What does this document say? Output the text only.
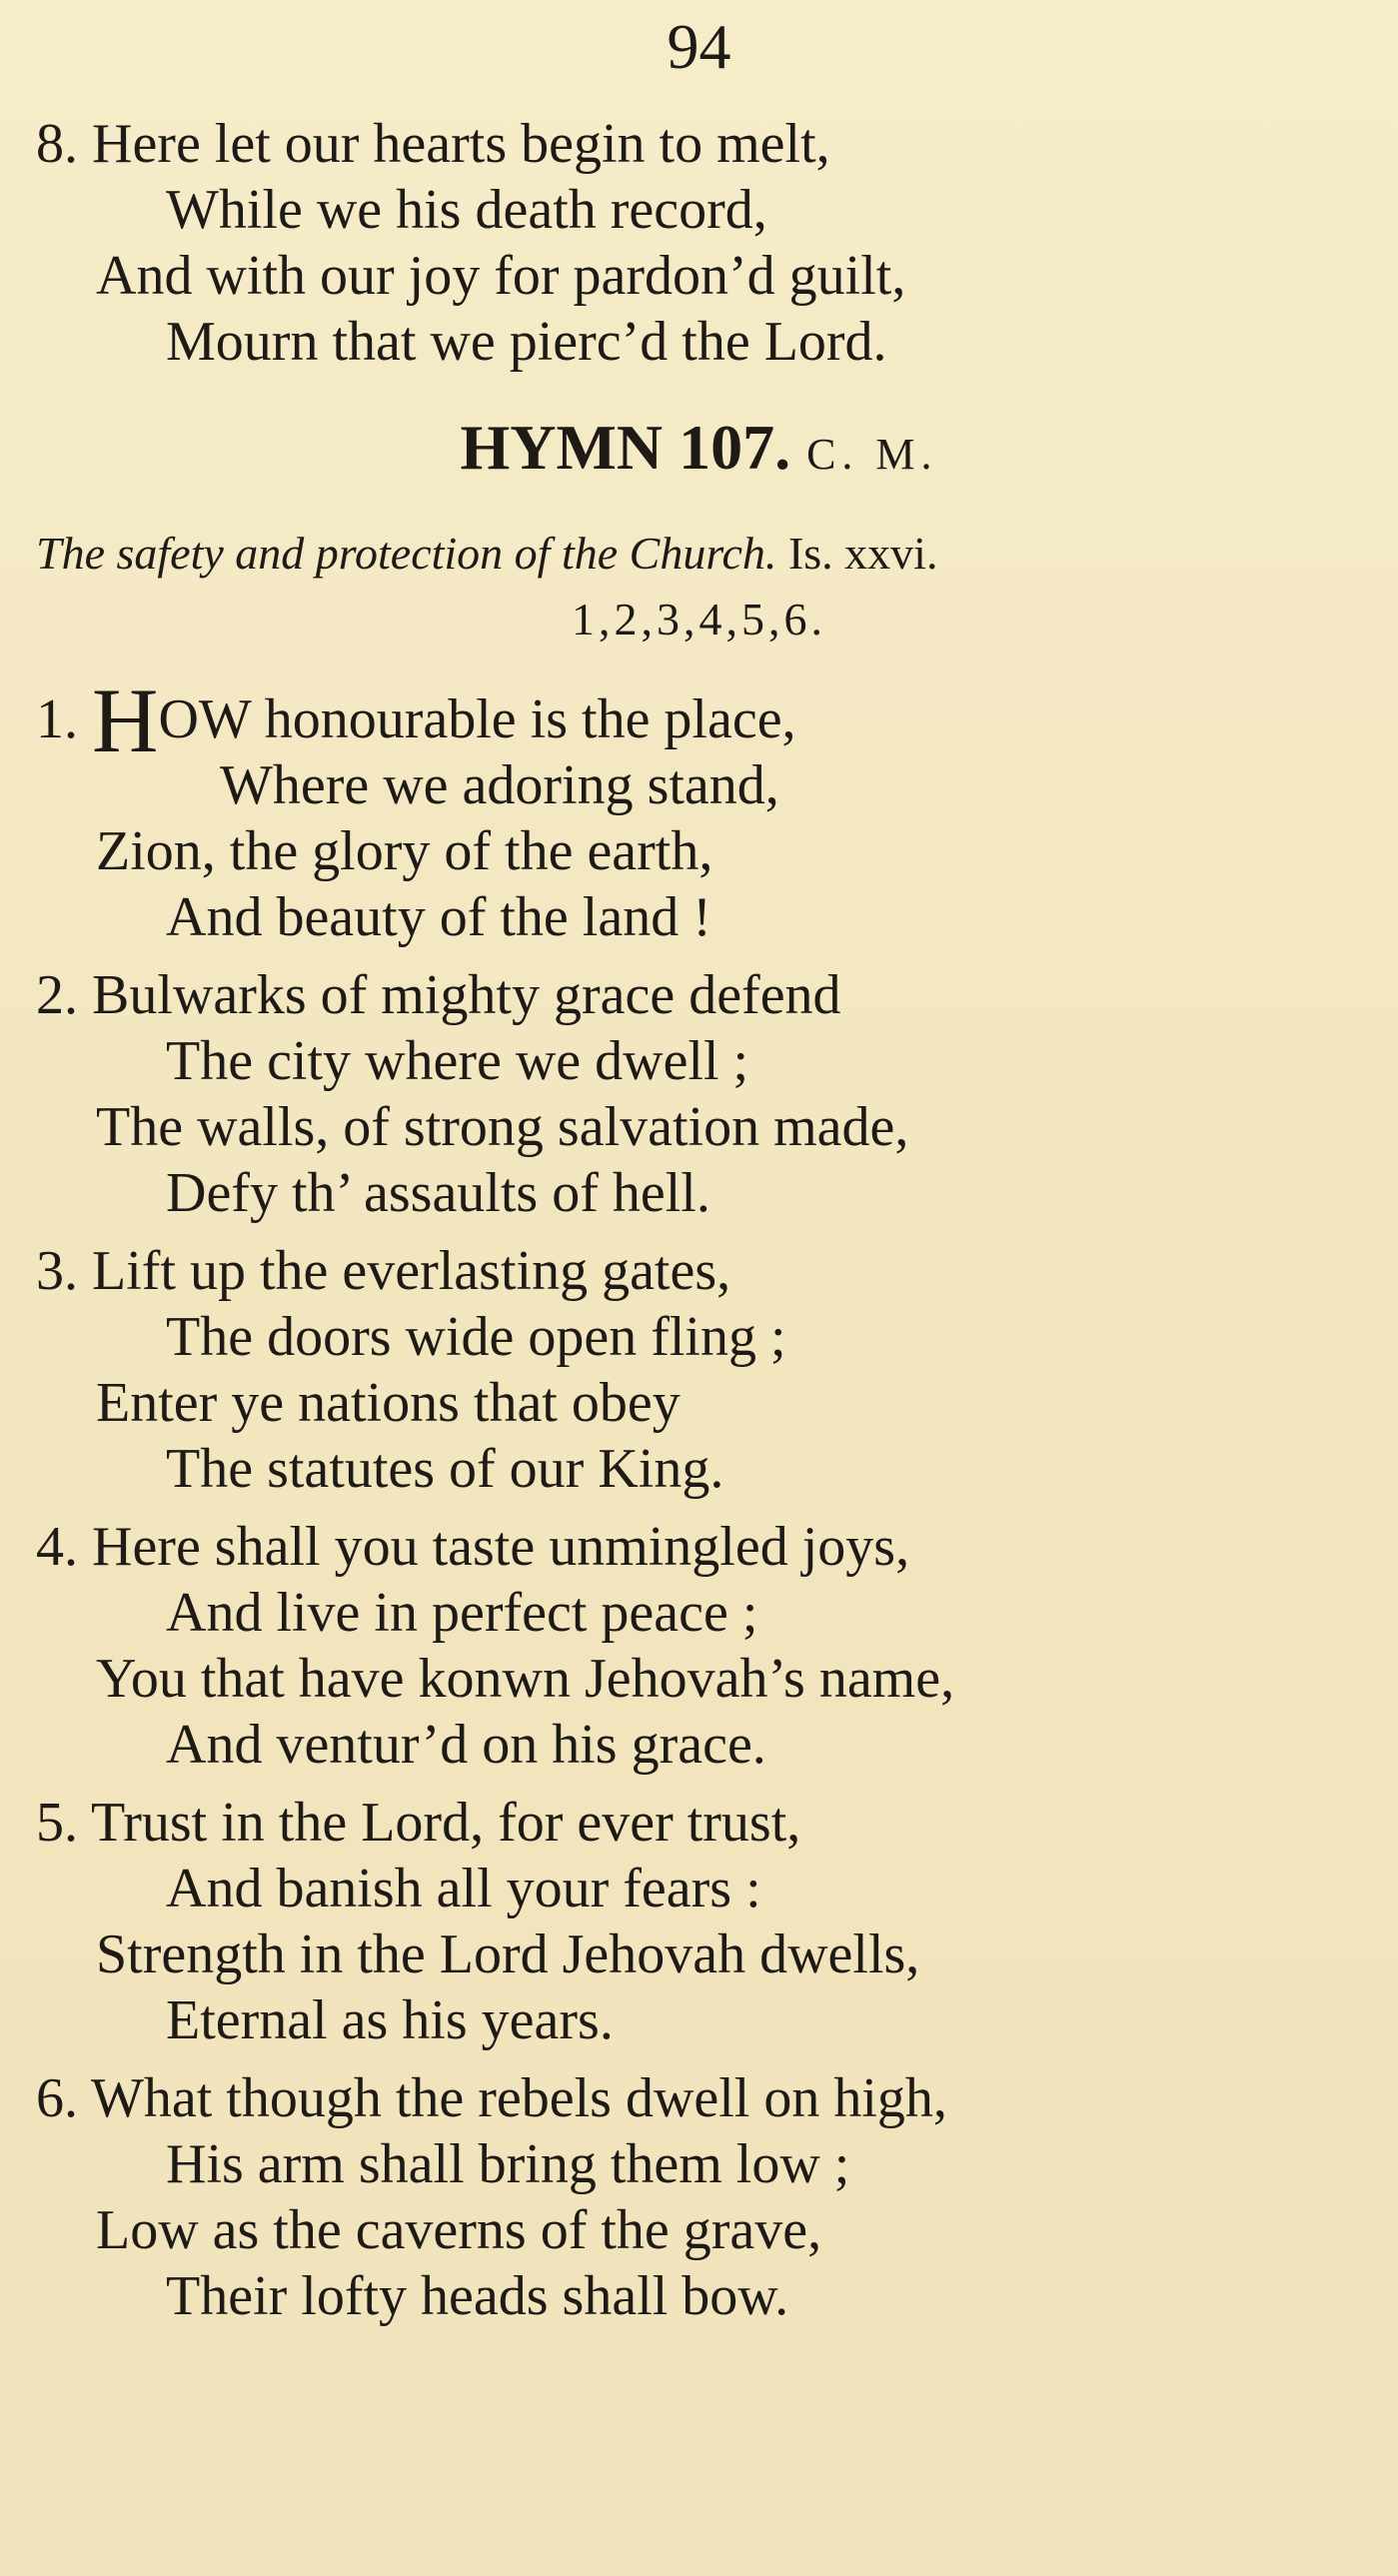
94
8. Here let our hearts begin to melt,
While we his death record,
And with our joy for pardon’d guilt,
Mourn that we pierc’d the Lord.
HYMN 107. C. M.
The safety and protection of the Church. Is. xxvi.
1,2,3,4,5,6.
1. HOW honourable is the place,
Where we adoring stand,
Zion, the glory of the earth,
And beauty of the land !
2. Bulwarks of mighty grace defend
The city where we dwell ;
The walls, of strong salvation made,
Defy th’ assaults of hell.
3. Lift up the everlasting gates,
The doors wide open fling ;
Enter ye nations that obey
The statutes of our King.
4. Here shall you taste unmingled joys,
And live in perfect peace ;
You that have konwn Jehovah’s name,
And ventur’d on his grace.
5. Trust in the Lord, for ever trust,
And banish all your fears :
Strength in the Lord Jehovah dwells,
Eternal as his years.
6. What though the rebels dwell on high,
His arm shall bring them low ;
Low as the caverns of the grave,
Their lofty heads shall bow.
